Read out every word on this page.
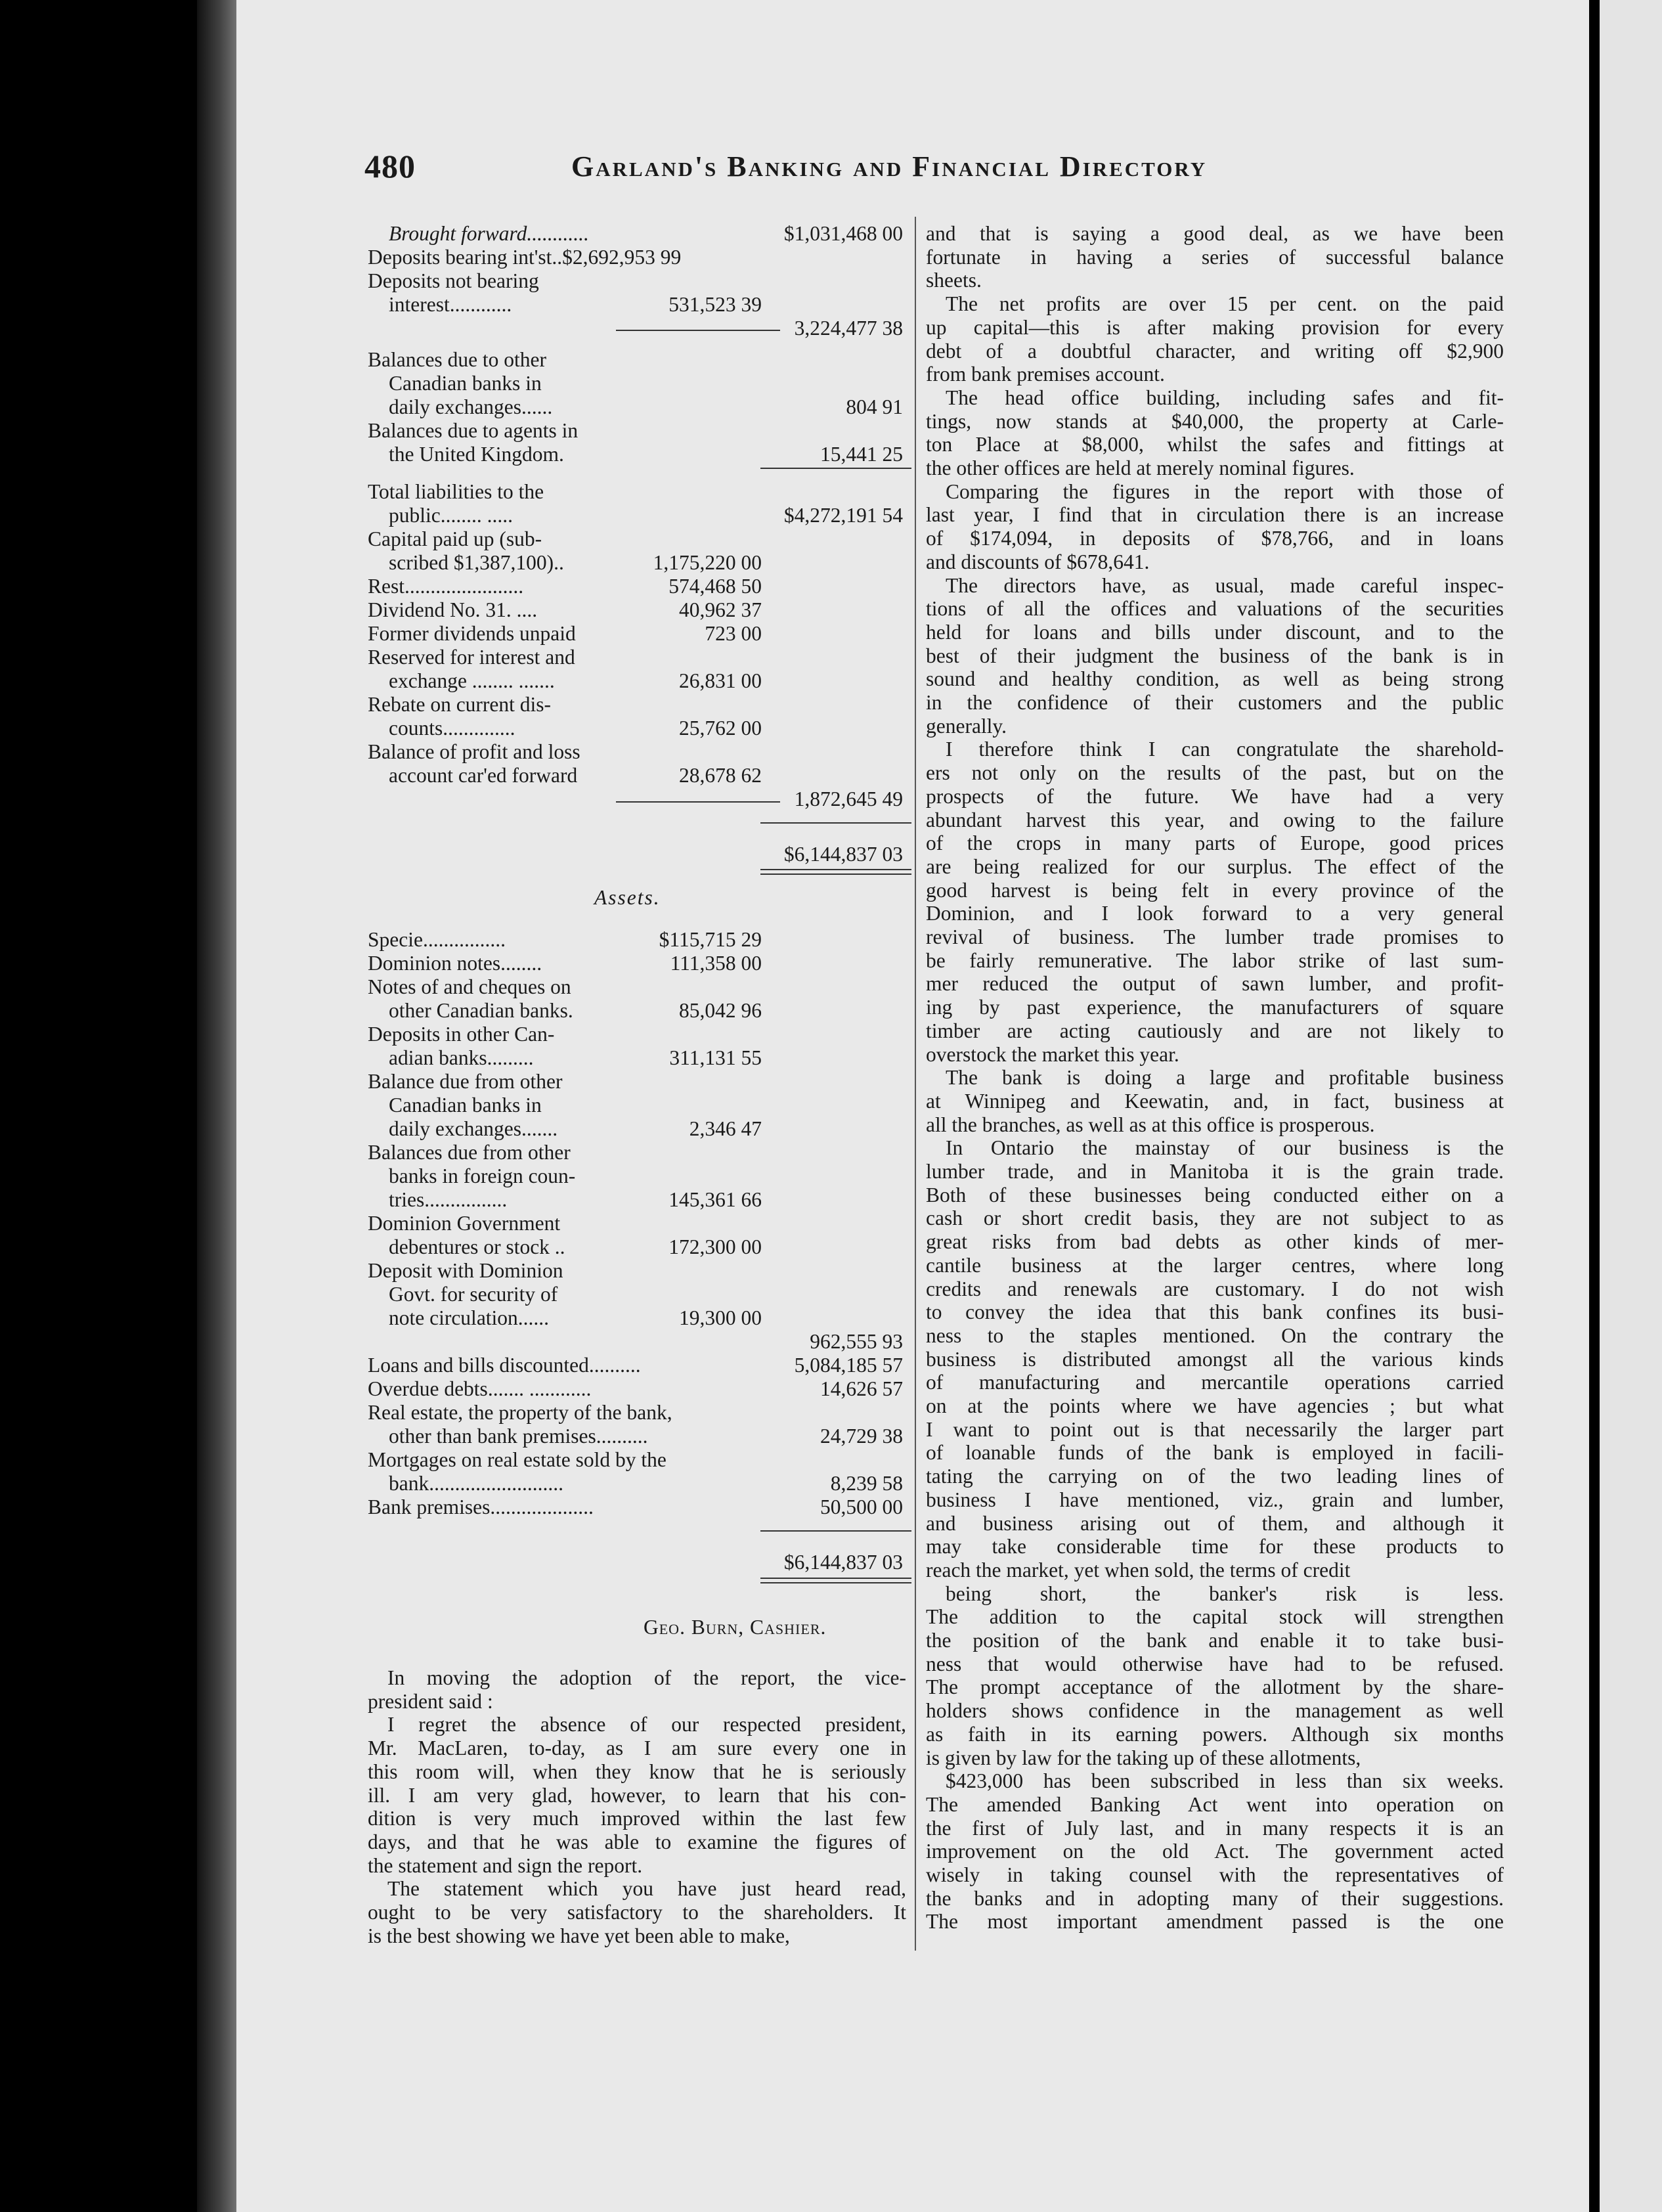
480	Garland's Banking and Financial Directory
Brought forward............	$1,031,468 00
Deposits bearing int'st..$2,692,953 99
Deposits not bearing
interest............	531,523 39
3,224,477 38
Balances due to other
Canadian banks in
daily exchanges......	804 91
Balances due to agents in
the United Kingdom.	15,441 25
Total liabilities to the
public........ .....	$4,272,191 54
Capital paid up (sub-
scribed $1,387,100)..	1,175,220 00
Rest.......................	574,468 50
Dividend No. 31. ....	40,962 37
Former dividends unpaid	723 00
Reserved for interest and
exchange ........ .......	26,831 00
Rebate on current dis-
counts..............	25,762 00
Balance of profit and loss
account car'ed forward	28,678 62
1,872,645 49
$6,144,837 03
Assets.
Specie................	$115,715 29
Dominion notes........	111,358 00
Notes of and cheques on
other Canadian banks.	85,042 96
Deposits in other Can-
adian banks.........	311,131 55
Balance due from other
Canadian banks in
daily exchanges.......	2,346 47
Balances due from other
banks in foreign coun-
tries................	145,361 66
Dominion Government
debentures or stock ..	172,300 00
Deposit with Dominion
Govt. for security of
note circulation......	19,300 00
962,555 93
Loans and bills discounted..........	5,084,185 57
Overdue debts....... ............	14,626 57
Real estate, the property of the bank,
other than bank premises..........	24,729 38
Mortgages on real estate sold by the
bank..........................	8,239 58
Bank premises....................	50,500 00
$6,144,837 03
Geo. Burn, Cashier.
In moving the adoption of the report, the vice-
president said :
I regret the absence of our respected president,
Mr. MacLaren, to-day, as I am sure every one in
this room will, when they know that he is seriously
ill. I am very glad, however, to learn that his con-
dition is very much improved within the last few
days, and that he was able to examine the figures of
the statement and sign the report.
The statement which you have just heard read,
ought to be very satisfactory to the shareholders. It
is the best showing we have yet been able to make,
and that is saying a good deal, as we have been
fortunate in having a series of successful balance
sheets.
The net profits are over 15 per cent. on the paid
up capital—this is after making provision for every
debt of a doubtful character, and writing off $2,900
from bank premises account.
The head office building, including safes and fit-
tings, now stands at $40,000, the property at Carle-
ton Place at $8,000, whilst the safes and fittings at
the other offices are held at merely nominal figures.
Comparing the figures in the report with those of
last year, I find that in circulation there is an increase
of $174,094, in deposits of $78,766, and in loans
and discounts of $678,641.
The directors have, as usual, made careful inspec-
tions of all the offices and valuations of the securities
held for loans and bills under discount, and to the
best of their judgment the business of the bank is in
sound and healthy condition, as well as being strong
in the confidence of their customers and the public
generally.
I therefore think I can congratulate the sharehold-
ers not only on the results of the past, but on the
prospects of the future. We have had a very
abundant harvest this year, and owing to the failure
of the crops in many parts of Europe, good prices
are being realized for our surplus. The effect of the
good harvest is being felt in every province of the
Dominion, and I look forward to a very general
revival of business. The lumber trade promises to
be fairly remunerative. The labor strike of last sum-
mer reduced the output of sawn lumber, and profit-
ing by past experience, the manufacturers of square
timber are acting cautiously and are not likely to
overstock the market this year.
The bank is doing a large and profitable business
at Winnipeg and Keewatin, and, in fact, business at
all the branches, as well as at this office is prosperous.
In Ontario the mainstay of our business is the
lumber trade, and in Manitoba it is the grain trade.
Both of these businesses being conducted either on a
cash or short credit basis, they are not subject to as
great risks from bad debts as other kinds of mer-
cantile business at the larger centres, where long
credits and renewals are customary. I do not wish
to convey the idea that this bank confines its busi-
ness to the staples mentioned. On the contrary the
business is distributed amongst all the various kinds
of manufacturing and mercantile operations carried
on at the points where we have agencies ; but what
I want to point out is that necessarily the larger part
of loanable funds of the bank is employed in facili-
tating the carrying on of the two leading lines of
business I have mentioned, viz., grain and lumber,
and business arising out of them, and although it
may take considerable time for these products to
reach the market, yet when sold, the terms of credit
being short, the banker's risk is less.
The addition to the capital stock will strengthen
the position of the bank and enable it to take busi-
ness that would otherwise have had to be refused.
The prompt acceptance of the allotment by the share-
holders shows confidence in the management as well
as faith in its earning powers. Although six months
is given by law for the taking up of these allotments,
$423,000 has been subscribed in less than six weeks.
The amended Banking Act went into operation on
the first of July last, and in many respects it is an
improvement on the old Act. The government acted
wisely in taking counsel with the representatives of
the banks and in adopting many of their suggestions.
The most important amendment passed is the one
